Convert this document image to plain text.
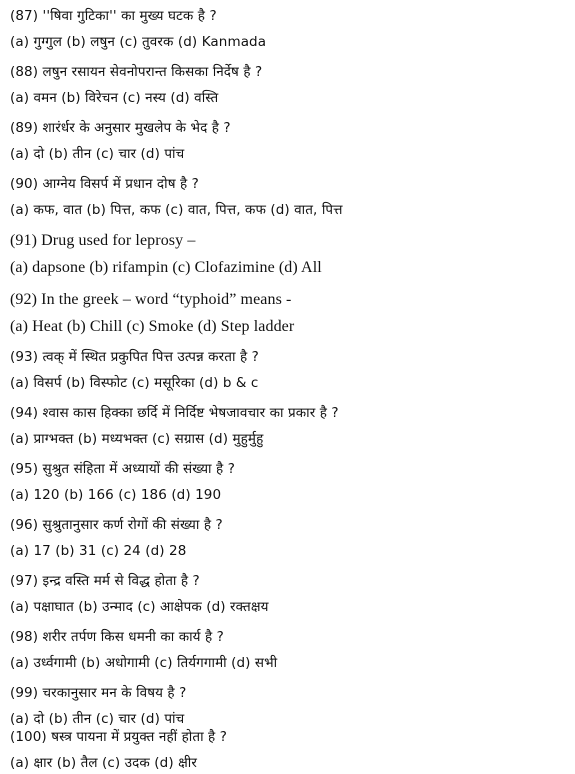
(87) ''षिवा गुटिका'' का मुख्य घटक है ?
(a) गुग्गुल (b) लषुन (c) तुवरक (d) Kanmada
(88) लषुन रसायन सेवनोपरान्त किसका निर्देष है ?
(a) वमन (b) विरेचन (c) नस्य (d) वस्ति
(89) शारंर्धर के अनुसार मुखलेप के भेद है ?
(a) दो (b) तीन (c) चार (d) पांच
(90) आग्नेय विसर्प में प्रधान दोष है ?
(a) कफ, वात (b) पित्त, कफ (c) वात, पित्त, कफ (d) वात, पित्त
(91) Drug used for leprosy –
(a) dapsone (b) rifampin (c) Clofazimine (d) All
(92) In the greek – word “typhoid” means -
(a) Heat (b) Chill (c) Smoke (d) Step ladder
(93) त्वक् में स्थित प्रकुपित पित्त उत्पन्न करता है ?
(a) विसर्प (b) विस्फोट (c) मसूरिका (d) b & c
(94) श्वास कास हिक्का छर्दि में निर्दिष्ट भेषजावचार का प्रकार है ?
(a) प्राग्भक्त (b) मध्यभक्त (c) सग्रास (d) मुहुर्मुहु
(95) सुश्रुत संहिता में अध्यायों की संख्या है ?
(a) 120 (b) 166 (c) 186 (d) 190
(96) सुश्रुतानुसार कर्ण रोगों की संख्या है ?
(a) 17 (b) 31 (c) 24 (d) 28
(97) इन्द्र वस्ति मर्म से विद्ध होता है ?
(a) पक्षाघात (b) उन्माद (c) आक्षेपक (d) रक्तक्षय
(98) शरीर तर्पण किस धमनी का कार्य है ?
(a) उर्ध्वगामी (b) अधोगामी (c) तिर्यगगामी (d) सभी
(99) चरकानुसार मन के विषय है ?
(a) दो (b) तीन (c) चार (d) पांच
(100) षस्त्र पायना में प्रयुक्त नहीं होता है ?
(a) क्षार (b) तैल (c) उदक (d) क्षीर
